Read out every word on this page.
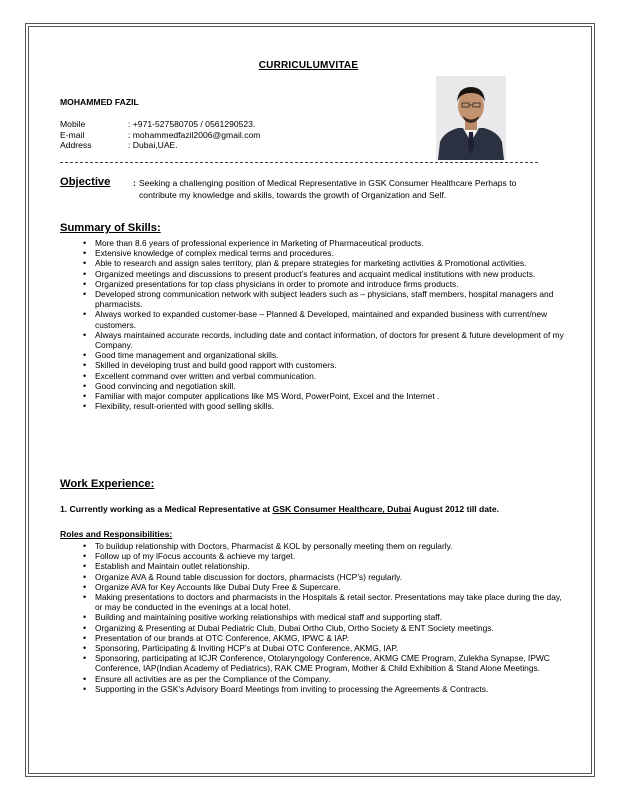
CURRICULUMVITAE
MOHAMMED FAZIL
Mobile	: +971-527580705 / 0561290523.
E-mail	: mohammedfazil2006@gmail.com
Address	: Dubai,UAE.
Objective	: Seeking a challenging position of Medical Representative in GSK Consumer Healthcare Perhaps to contribute my knowledge and skills, towards the growth of Organization and Self.
Summary of Skills:
• More than 8.6 years of professional experience in Marketing of Pharmaceutical products.
• Extensive knowledge of complex medical terms and procedures.
• Able to research and assign sales territory, plan & prepare strategies for marketing activities & Promotional activities.
• Organized meetings and discussions to present product’s features and acquaint medical institutions with new products.
• Organized presentations for top class physicians in order to promote and introduce firms products.
• Developed strong communication network with subject leaders such as – physicians, staff members, hospital managers and pharmacists.
• Always worked to expanded customer-base – Planned & Developed, maintained and expanded business with current/new customers.
• Always maintained accurate records, including date and contact information, of doctors for present & future development of my Company.
• Good time management and organizational skills.
• Skilled in developing trust and build good rapport with customers.
• Excellent command over written and verbal communication.
• Good convincing and negotiation skill.
• Familiar with major computer applications like MS Word, PowerPoint, Excel and the Internet .
• Flexibility, result-oriented with good selling skills.
Work Experience:
1. Currently working as a Medical Representative at GSK Consumer Healthcare, Dubai August 2012 till date.
Roles and Responsibilities:
• To buildup relationship with Doctors, Pharmacist & KOL by personally meeting them on regularly.
• Follow up of my lFocus accounts & achieve my target.
• Establish and Maintain outlet relationship.
• Organize AVA & Round table discussion for doctors, pharmacists (HCP’s) regularly.
• Organize AVA for Key Accounts like Dubai Duty Free & Supercare.
• Making presentations to doctors and pharmacists in the Hospitals & retail sector. Presentations may take place during the day, or may be conducted in the evenings at a local hotel.
• Building and maintaining positive working relationships with medical staff and supporting staff.
• Organizing & Presenting at Dubai Pediatric Club, Dubai Ortho Club, Ortho Society & ENT Society meetings.
• Presentation of our brands at OTC Conference, AKMG, IPWC & IAP.
• Sponsoring, Participating & Inviting HCP’s at Dubai OTC Conference, AKMG, IAP.
• Sponsoring, participating at ICJR Conference, Otolaryngology Conference, AKMG CME Program, Zulekha Synapse, IPWC Conference, IAP(Indian Academy of Pediatrics), RAK CME Program, Mother & Child Exhibition & Stand Alone Meetings.
• Ensure all activities are as per the Compliance of the Company.
• Supporting in the GSK’s Advisory Board Meetings from inviting to processing the Agreements & Contracts.
